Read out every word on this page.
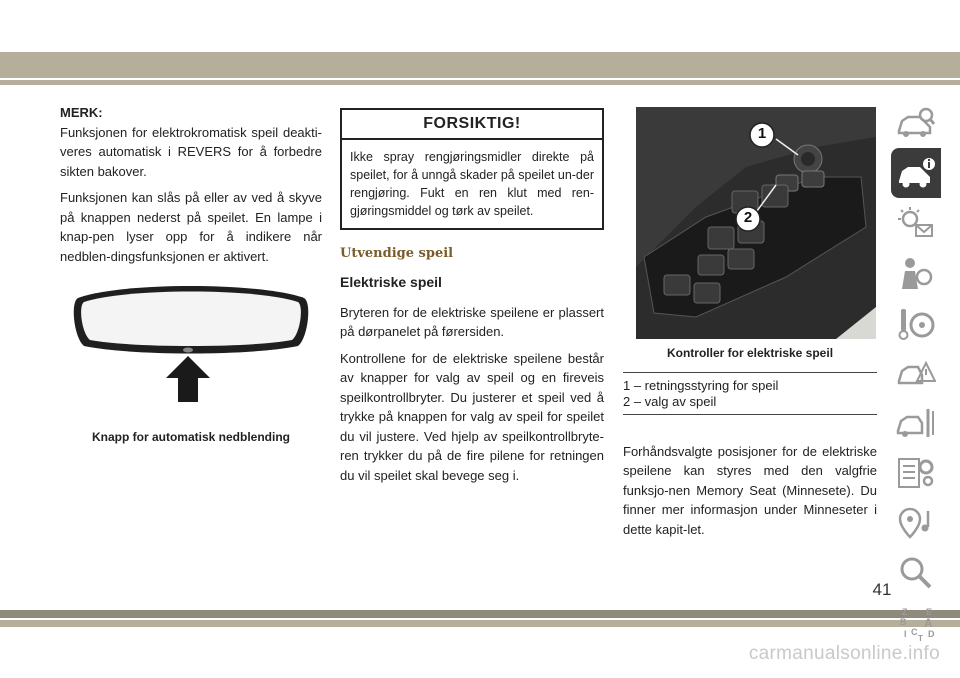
MERK:

Funksjonen for elektrokromatisk speil deakti-veres automatisk i REVERS for å forbedre sikten bakover.

Funksjonen kan slås på eller av ved å skyve på knappen nederst på speilet. En lampe i knap-pen lyser opp for å indikere når nedblen-dingsfunksjonen er aktivert.

Knapp for automatisk nedblending
FORSIKTIG!
Ikke spray rengjøringsmidler direkte på speilet, for å unngå skader på speilet un-der rengjøring. Fukt en ren klut med ren-gjøringsmiddel og tørk av speilet.
Utvendige speil
Elektriske speil

Bryteren for de elektriske speilene er plassert på dørpanelet på førersiden.

Kontrollene for de elektriske speilene består av knapper for valg av speil og en fireveis speilkontrollbryter. Du justerer et speil ved å trykke på knappen for valg av speil for speilet du vil justere. Ved hjelp av speilkontrollbryte-ren trykker du på de fire pilene for retningen du vil speilet skal bevege seg i.

1
2
Kontroller for elektriske speil
1 – retningsstyring for speil
2 – valg av speil

Forhåndsvalgte posisjoner for de elektriske speilene kan styres med den valgfrie funksjo-nen Memory Seat (Minnesete). Du finner mer informasjon under Minneseter i dette kapit-let.

Z E
B A
C D
I T
41
carmanualsonline.info
